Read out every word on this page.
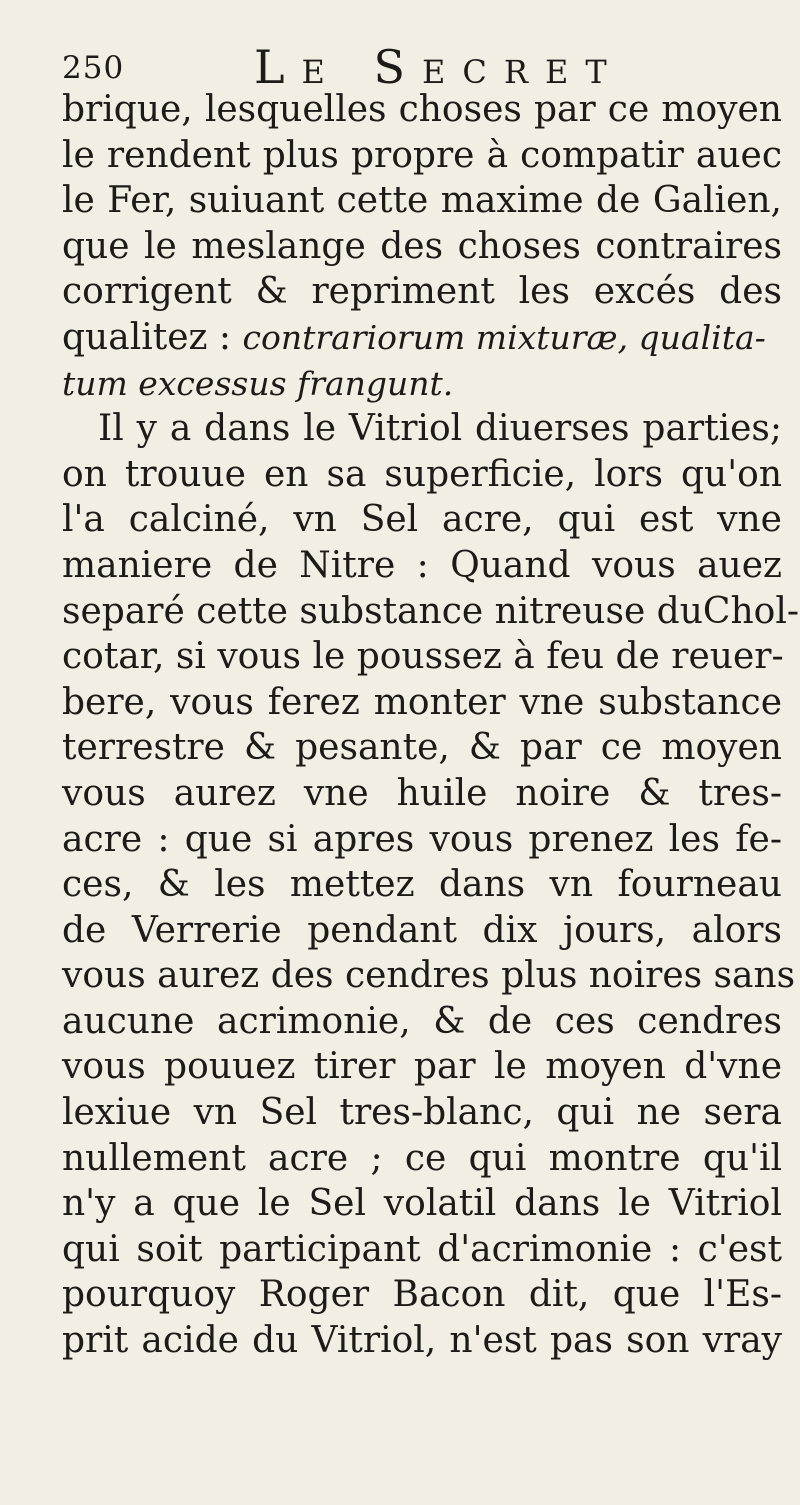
250	Le Secret
brique, lesquelles choses par ce moyen
le rendent plus propre à compatir auec
le Fer, suiuant cette maxime de Galien,
que le meslange des choses contraires
corrigent & repriment les excés des
qualitez : contrariorum mixturæ, qualita-
tum excessus frangunt.
Il y a dans le Vitriol diuerses parties;
on trouue en sa superficie, lors qu'on
l'a calciné, vn Sel acre, qui est vne
maniere de Nitre : Quand vous auez
separé cette substance nitreuse duChol-
cotar, si vous le poussez à feu de reuer-
bere, vous ferez monter vne substance
terrestre & pesante, & par ce moyen
vous aurez vne huile noire & tres-
acre : que si apres vous prenez les fe-
ces, & les mettez dans vn fourneau
de Verrerie pendant dix jours, alors
vous aurez des cendres plus noires sans
aucune acrimonie, & de ces cendres
vous pouuez tirer par le moyen d'vne
lexiue vn Sel tres-blanc, qui ne sera
nullement acre ; ce qui montre qu'il
n'y a que le Sel volatil dans le Vitriol
qui soit participant d'acrimonie : c'est
pourquoy Roger Bacon dit, que l'Es-
prit acide du Vitriol, n'est pas son vray
